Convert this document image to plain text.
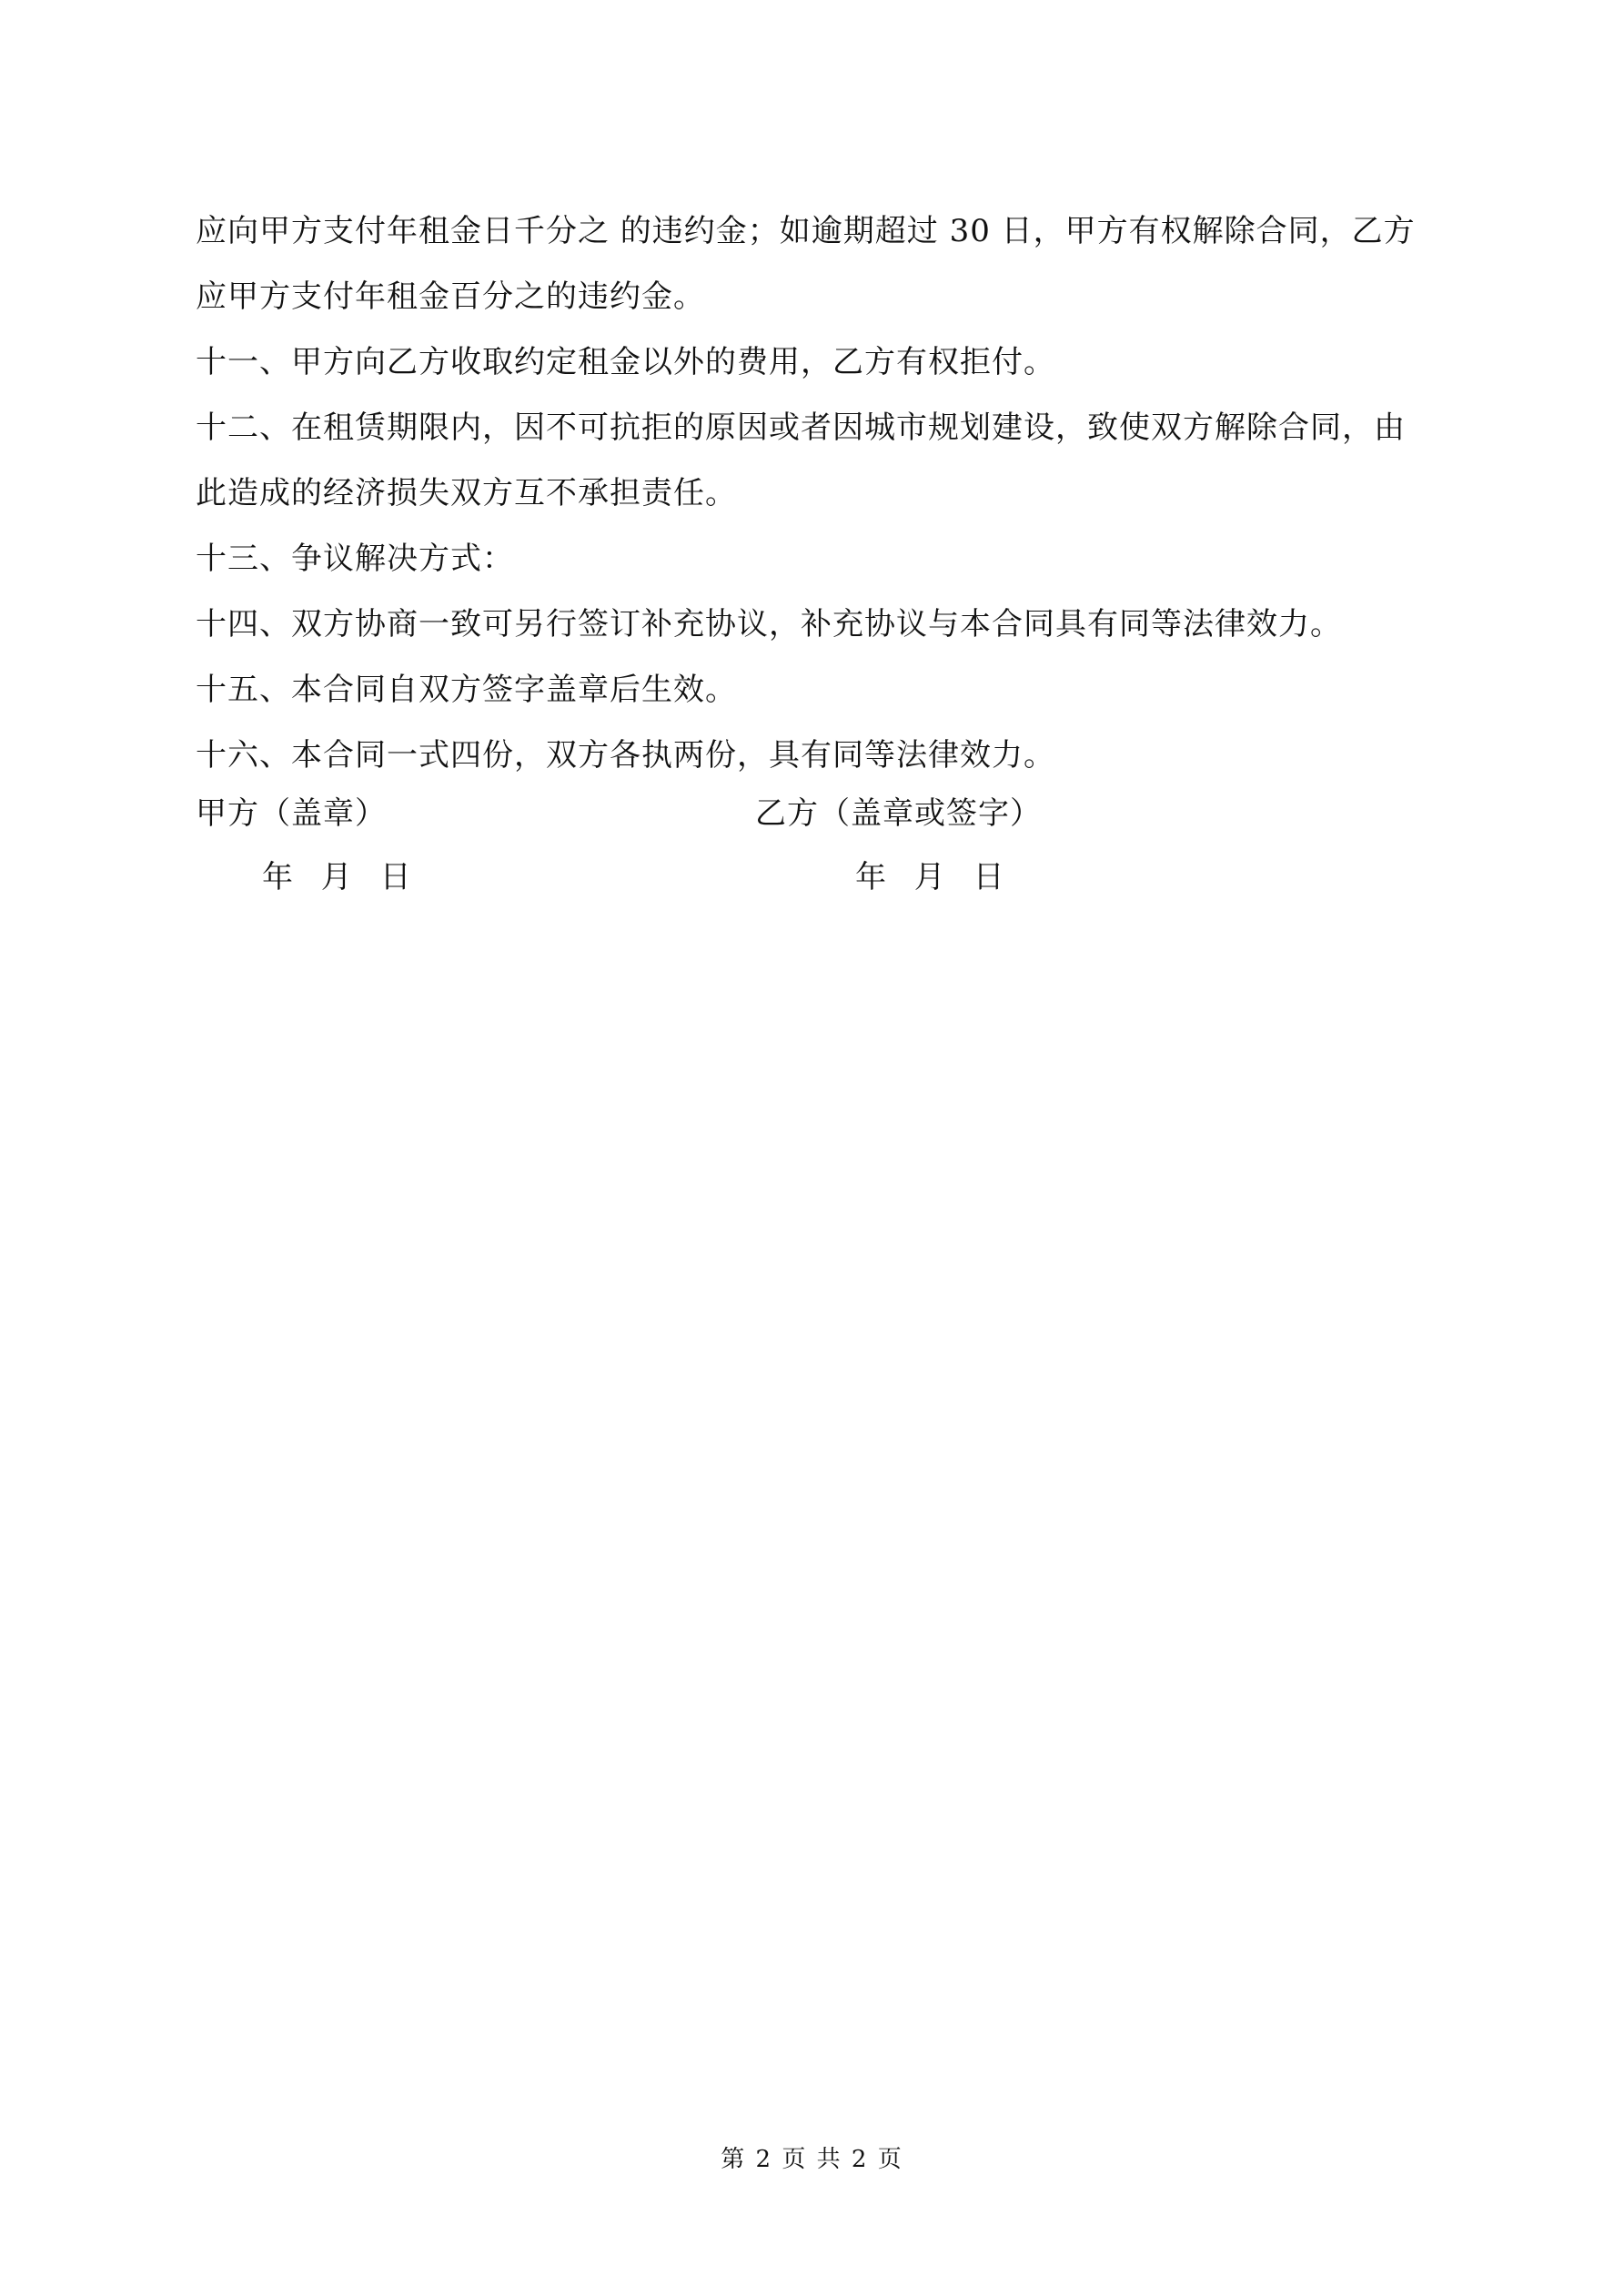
应向甲方支付年租金日千分之 的违约金；如逾期超过 30 日，甲方有权解除合同，乙方
应甲方支付年租金百分之的违约金。
十一、甲方向乙方收取约定租金以外的费用，乙方有权拒付。
十二、在租赁期限内，因不可抗拒的原因或者因城市规划建设，致使双方解除合同，由
此造成的经济损失双方互不承担责任。
十三、争议解决方式：
十四、双方协商一致可另行签订补充协议，补充协议与本合同具有同等法律效力。
十五、本合同自双方签字盖章后生效。
十六、本合同一式四份，双方各执两份，具有同等法律效力。
甲方（盖章）	乙方（盖章或签字）
年 月 日	年 月 日
第 2 页 共 2 页
